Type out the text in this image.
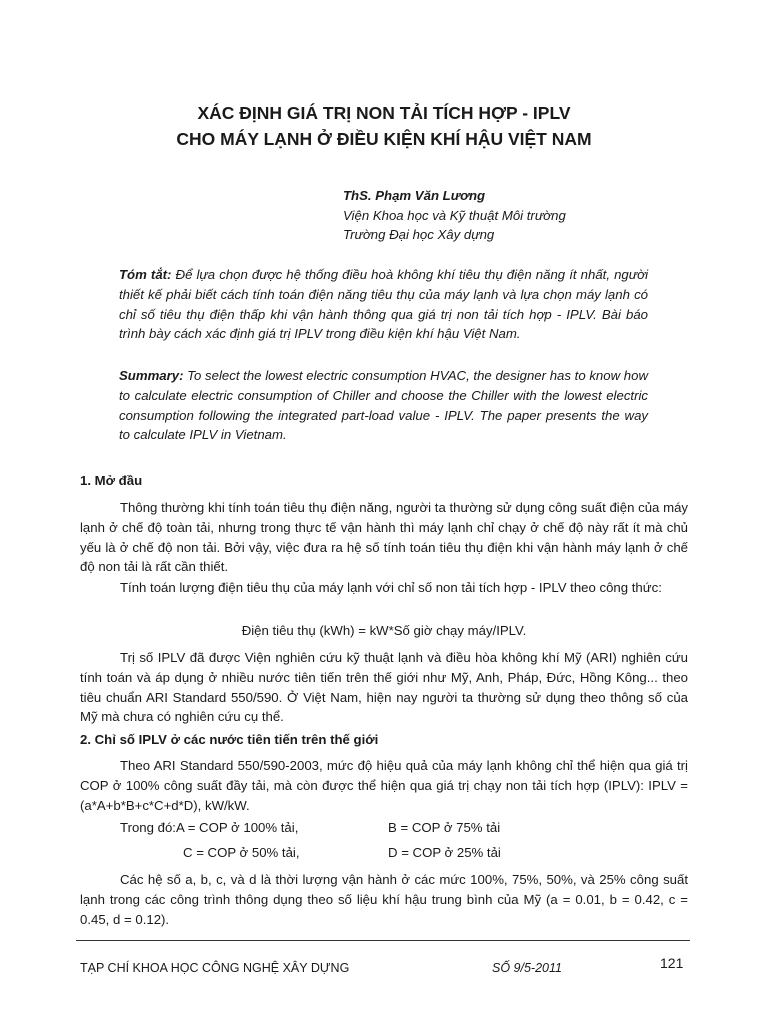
XÁC ĐỊNH GIÁ TRỊ NON TẢI TÍCH HỢP - IPLV
CHO MÁY LẠNH Ở ĐIỀU KIỆN KHÍ HẬU VIỆT NAM
ThS. Phạm Văn Lương
Viện Khoa học và Kỹ thuật Môi trường
Trường Đại học Xây dựng

Tóm tắt: Để lựa chọn được hệ thống điều hoà không khí tiêu thụ điện năng ít nhất, người thiết kế phải biết cách tính toán điện năng tiêu thụ của máy lạnh và lựa chọn máy lạnh có chỉ số tiêu thụ điện thấp khi vận hành thông qua giá trị non tải tích hợp - IPLV. Bài báo trình bày cách xác định giá trị IPLV trong điều kiện khí hậu Việt Nam.

Summary: To select the lowest electric consumption HVAC, the designer has to know how to calculate electric consumption of Chiller and choose the Chiller with the lowest electric consumption following the integrated part-load value - IPLV. The paper presents the way to calculate IPLV in Vietnam.

1. Mở đầu

Thông thường khi tính toán tiêu thụ điện năng, người ta thường sử dụng công suất điện của máy lạnh ở chế độ toàn tải, nhưng trong thực tế vận hành thì máy lạnh chỉ chạy ở chế độ này rất ít mà chủ yếu là ở chế độ non tải. Bởi vậy, việc đưa ra hệ số tính toán tiêu thụ điện khi vận hành máy lạnh ở chế độ non tải là rất cần thiết.

Tính toán lượng điện tiêu thụ của máy lạnh với chỉ số non tải tích hợp - IPLV theo công thức:

Điện tiêu thụ (kWh) = kW*Số giờ chạy máy/IPLV.

Trị số IPLV đã được Viện nghiên cứu kỹ thuật lạnh và điều hòa không khí Mỹ (ARI) nghiên cứu tính toán và áp dụng ở nhiều nước tiên tiến trên thế giới như Mỹ, Anh, Pháp, Đức, Hồng Kông... theo tiêu chuẩn ARI Standard 550/590. Ở Việt Nam, hiện nay người ta thường sử dụng theo thông số của Mỹ mà chưa có nghiên cứu cụ thể.

2. Chỉ số IPLV ở các nước tiên tiến trên thế giới

Theo ARI Standard 550/590-2003, mức độ hiệu quả của máy lạnh không chỉ thể hiện qua giá trị COP ở 100% công suất đầy tải, mà còn được thể hiện qua giá trị chạy non tải tích hợp (IPLV): IPLV = (a*A+b*B+c*C+d*D), kW/kW.

Trong đó:A = COP ở 100% tải,	B = COP ở 75% tải

C = COP ở 50% tải,	D = COP ở 25% tải

Các hệ số a, b, c, và d là thời lượng vận hành ở các mức 100%, 75%, 50%, và 25% công suất lạnh trong các công trình thông dụng theo số liệu khí hậu trung bình của Mỹ (a = 0.01, b = 0.42, c = 0.45, d = 0.12).

TẠP CHÍ KHOA HỌC CÔNG NGHỆ XÂY DỰNG	SỐ 9/5-2011	121
